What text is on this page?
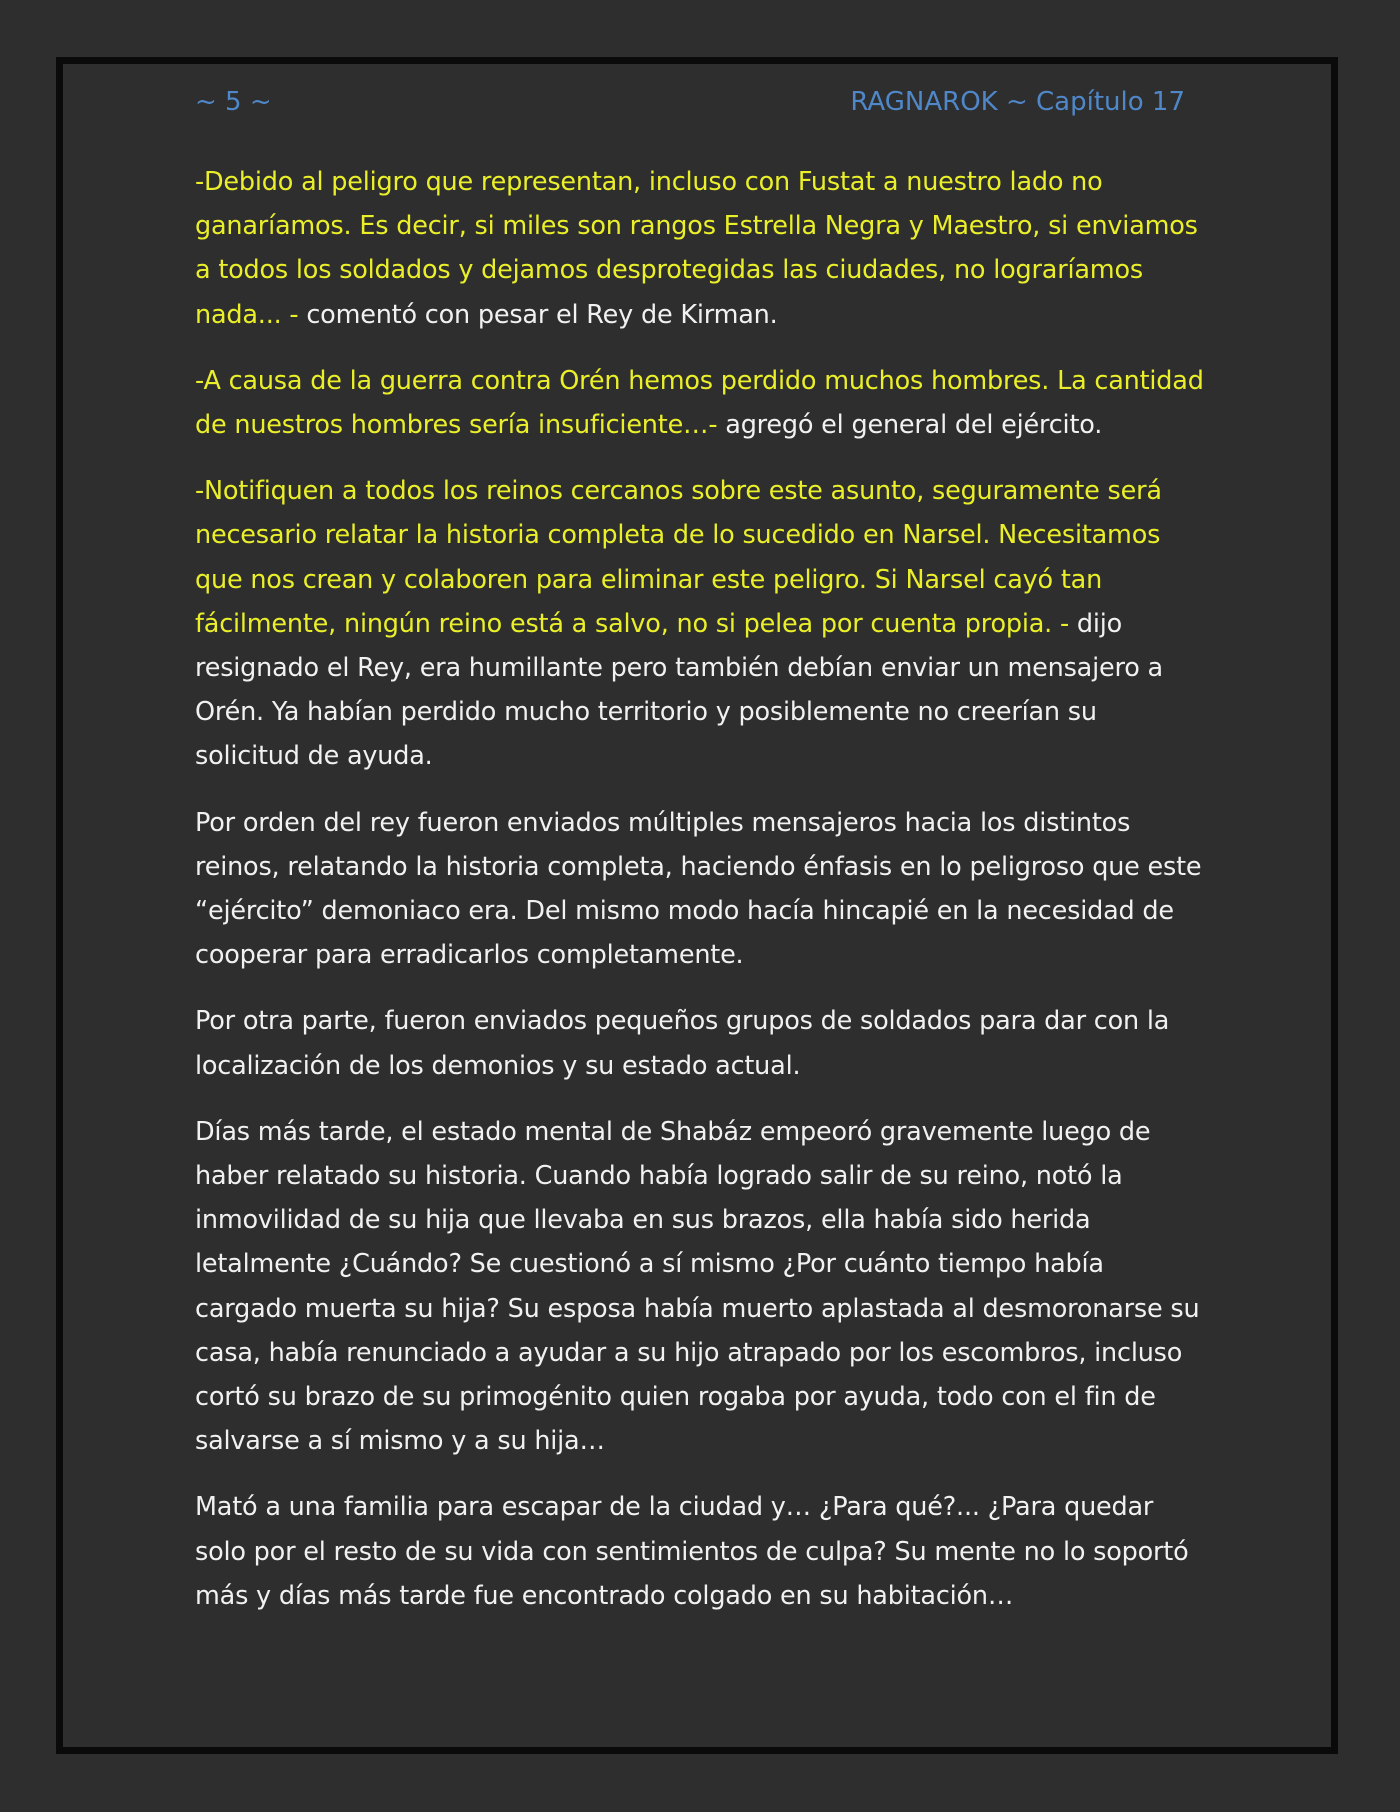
~ 5 ~	RAGNAROK ~ Capítulo 17

-Debido al peligro que representan, incluso con Fustat a nuestro lado no ganaríamos. Es decir, si miles son rangos Estrella Negra y Maestro, si enviamos a todos los soldados y dejamos desprotegidas las ciudades, no lograríamos nada... - comentó con pesar el Rey de Kirman.

-A causa de la guerra contra Orén hemos perdido muchos hombres. La cantidad de nuestros hombres sería insuficiente…- agregó el general del ejército.

-Notifiquen a todos los reinos cercanos sobre este asunto, seguramente será necesario relatar la historia completa de lo sucedido en Narsel. Necesitamos que nos crean y colaboren para eliminar este peligro. Si Narsel cayó tan fácilmente, ningún reino está a salvo, no si pelea por cuenta propia. - dijo resignado el Rey, era humillante pero también debían enviar un mensajero a Orén. Ya habían perdido mucho territorio y posiblemente no creerían su solicitud de ayuda.

Por orden del rey fueron enviados múltiples mensajeros hacia los distintos reinos, relatando la historia completa, haciendo énfasis en lo peligroso que este “ejército” demoniaco era. Del mismo modo hacía hincapié en la necesidad de cooperar para erradicarlos completamente.

Por otra parte, fueron enviados pequeños grupos de soldados para dar con la localización de los demonios y su estado actual.

Días más tarde, el estado mental de Shabáz empeoró gravemente luego de haber relatado su historia. Cuando había logrado salir de su reino, notó la inmovilidad de su hija que llevaba en sus brazos, ella había sido herida letalmente ¿Cuándo? Se cuestionó a sí mismo ¿Por cuánto tiempo había cargado muerta su hija? Su esposa había muerto aplastada al desmoronarse su casa, había renunciado a ayudar a su hijo atrapado por los escombros, incluso cortó su brazo de su primogénito quien rogaba por ayuda, todo con el fin de salvarse a sí mismo y a su hija…

Mató a una familia para escapar de la ciudad y… ¿Para qué?... ¿Para quedar solo por el resto de su vida con sentimientos de culpa? Su mente no lo soportó más y días más tarde fue encontrado colgado en su habitación…
